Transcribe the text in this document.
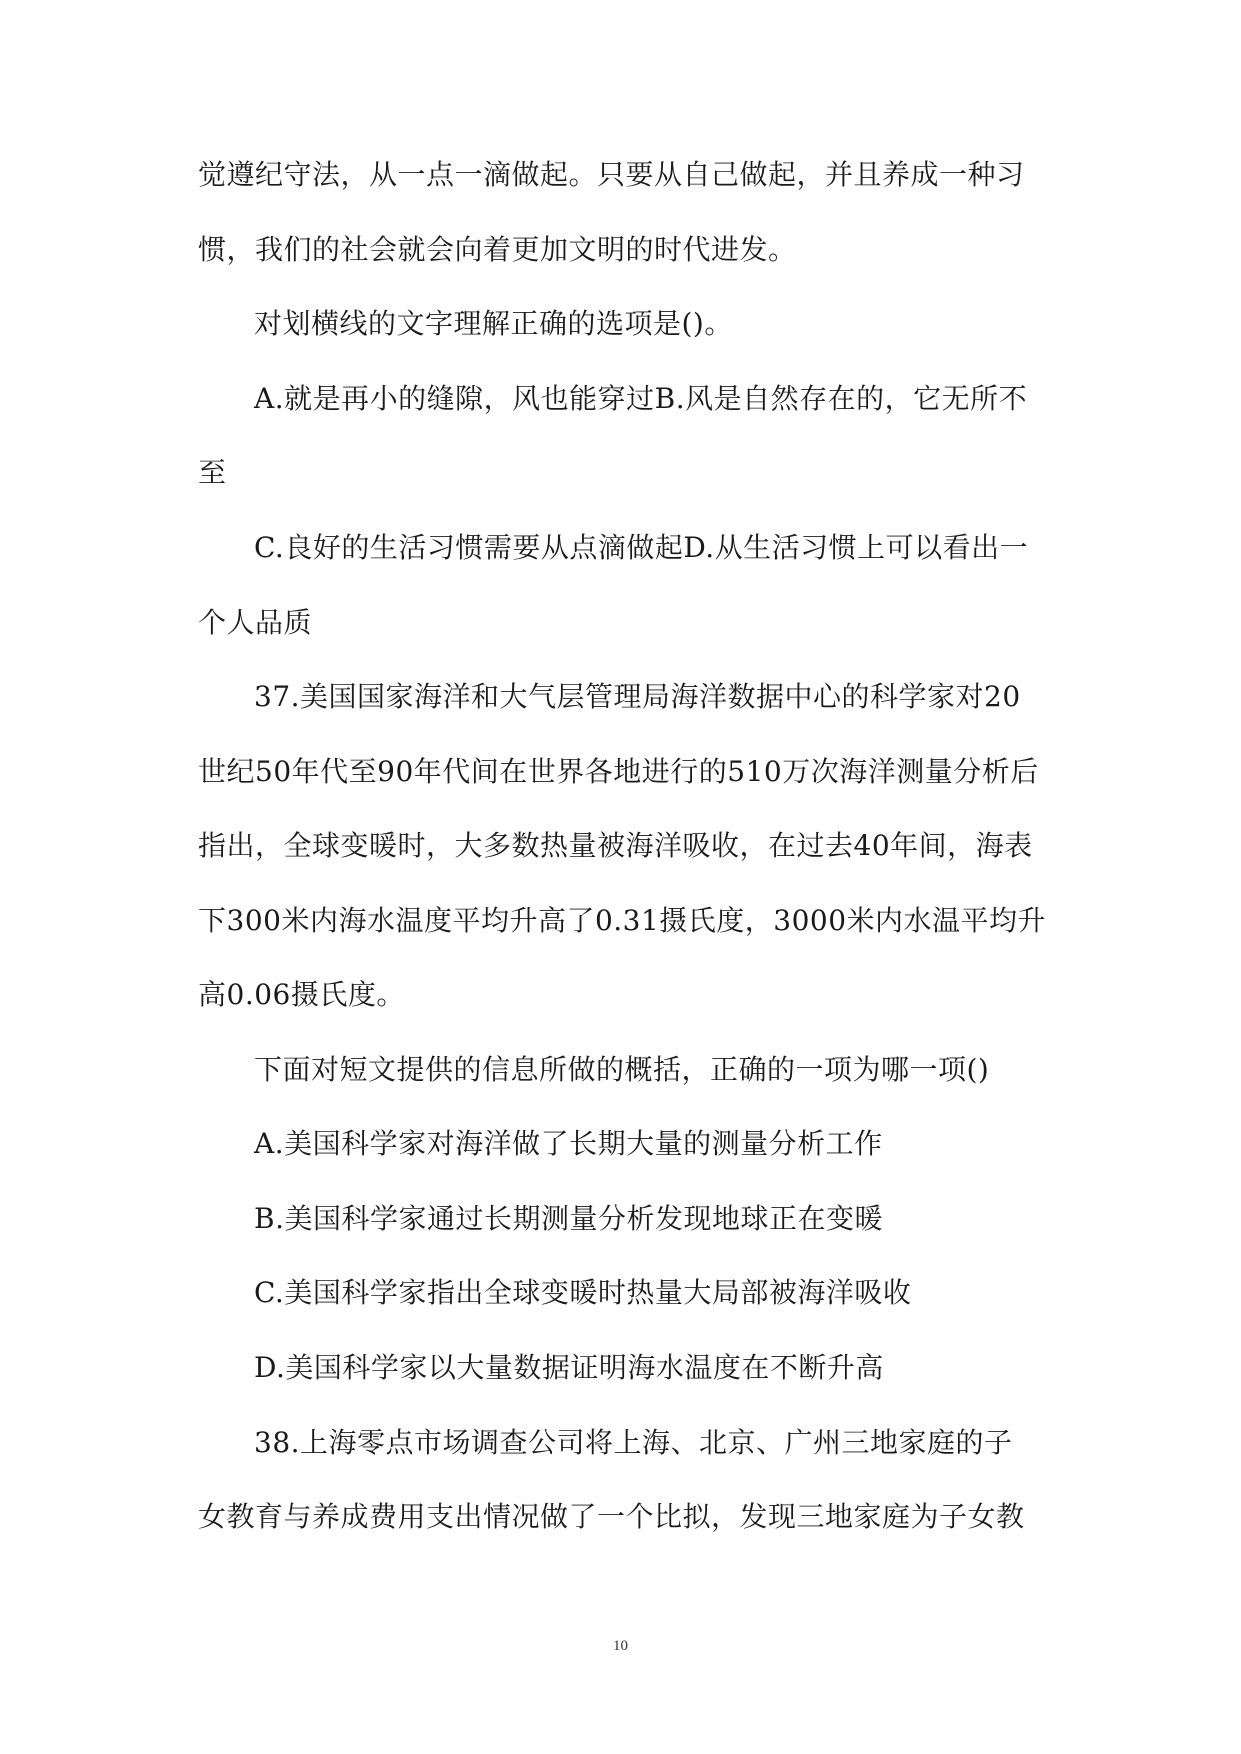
觉遵纪守法，从一点一滴做起。只要从自己做起，并且养成一种习
惯，我们的社会就会向着更加文明的时代进发。
对划横线的文字理解正确的选项是()。
A.就是再小的缝隙，风也能穿过B.风是自然存在的，它无所不
至
C.良好的生活习惯需要从点滴做起D.从生活习惯上可以看出一
个人品质
37.美国国家海洋和大气层管理局海洋数据中心的科学家对20
世纪50年代至90年代间在世界各地进行的510万次海洋测量分析后
指出，全球变暖时，大多数热量被海洋吸收，在过去40年间，海表
下300米内海水温度平均升高了0.31摄氏度，3000米内水温平均升
高0.06摄氏度。
下面对短文提供的信息所做的概括，正确的一项为哪一项()
A.美国科学家对海洋做了长期大量的测量分析工作
B.美国科学家通过长期测量分析发现地球正在变暖
C.美国科学家指出全球变暖时热量大局部被海洋吸收
D.美国科学家以大量数据证明海水温度在不断升高
38.上海零点市场调查公司将上海、北京、广州三地家庭的子
女教育与养成费用支出情况做了一个比拟，发现三地家庭为子女教
10
